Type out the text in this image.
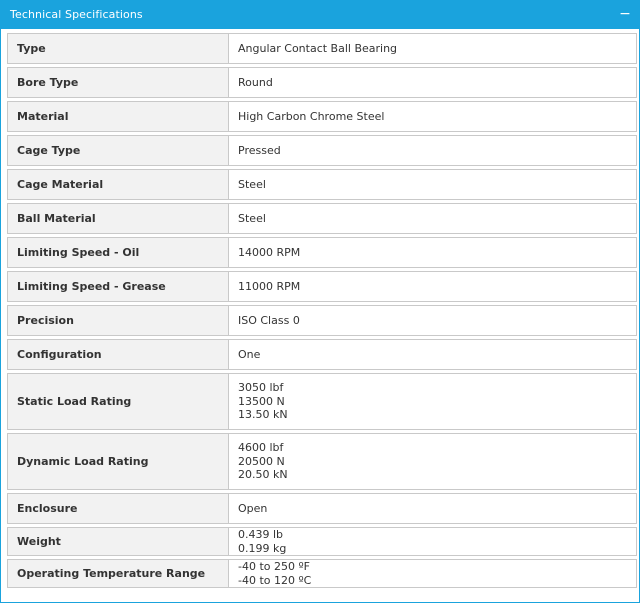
Technical Specifications	−
Type	Angular Contact Ball Bearing

Bore Type	Round

Material	High Carbon Chrome Steel

Cage Type	Pressed

Cage Material	Steel

Ball Material	Steel

Limiting Speed - Oil	14000 RPM

Limiting Speed - Grease	11000 RPM

Precision	ISO Class 0

Configuration	One

Static Load Rating	3050 lbf
13500 N
13.50 kN

Dynamic Load Rating	4600 lbf
20500 N
20.50 kN

Enclosure	Open

Weight	0.439 lb
0.199 kg

Operating Temperature Range	-40 to 250 ºF
-40 to 120 ºC
